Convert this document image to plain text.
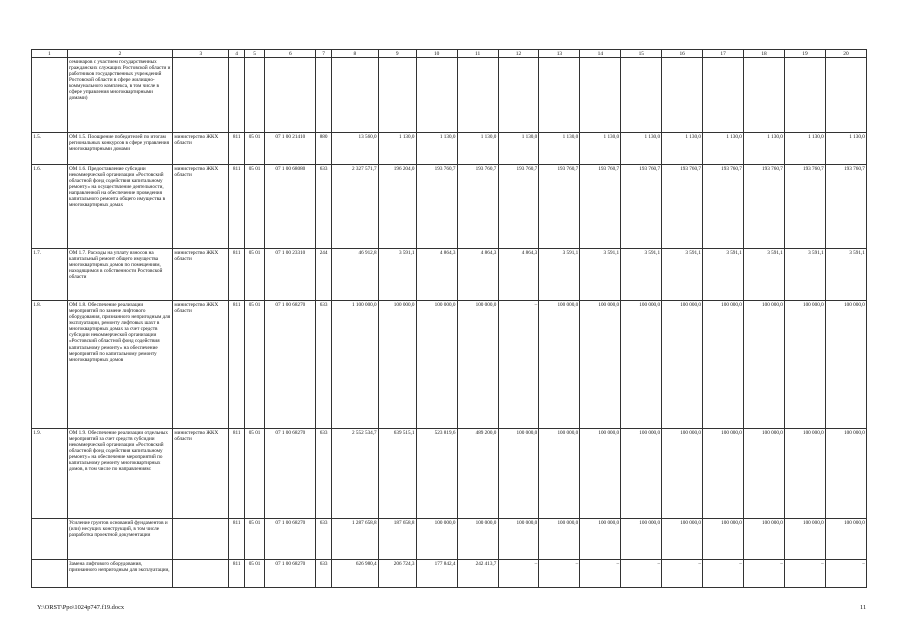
1	2	3	4	5	6	7	8	9	10	11	12	13	14	15	16	17	18	19	20
	семинаров с участием государственных гражданских служащих Ростовской области и работников государственных учреждений Ростовской области в сфере жилищно-коммунального комплекса, в том числе в сфере управления многоквартирными домами)																		
1.5.	ОМ 1.5. Поощрение победителей по итогам региональных конкурсов в сфере управления многоквартирными домами	министерство ЖКХ области	811	05 01	07 1 00 21410	880	13 560,0	1 130,0	1 130,0	1 130,0	1 130,0	1 130,0	1 130,0	1 130,0	1 130,0	1 130,0	1 130,0	1 130,0	1 130,0
1.6.	ОМ 1.6. Предоставление субсидии некоммерческой организации «Ростовский областной фонд содействия капитальному ремонту» на осуществление деятельности, направленной на обеспечение проведения капитального ремонта общего имущества в многоквартирных домах	министерство ЖКХ области	811	05 01	07 1 00 68080	633	2 327 571,7	196 204,0	193 760,7	193 760,7	193 760,7	193 760,7	193 760,7	193 760,7	193 760,7	193 760,7	193 760,7	193 760,7	193 760,7
1.7.	ОМ 1.7. Расходы на уплату взносов на капитальный ремонт общего имущества многоквартирных домов по помещениям, находящимся в собственности Ростовской области	министерство ЖКХ области	811	05 01	07 1 00 23310	244	46 912,8	3 591,1	4 864,3	4 864,3	4 864,3	3 591,1	3 591,1	3 591,1	3 591,1	3 591,1	3 591,1	3 591,1	3 591,1
1.8.	ОМ 1.8. Обеспечение реализации мероприятий по замене лифтового оборудования, признанного непригодным для эксплуатации, ремонту лифтовых шахт в многоквартирных домах за счет средств субсидии некоммерческой организации «Ростовский областной фонд содействия капитальному ремонту» на обеспечение мероприятий по капитальному ремонту многоквартирных домов	министерство ЖКХ области	811	05 01	07 1 00 68270	633	1 100 000,0	100 000,0	100 000,0	100 000,0	–	100 000,0	100 000,0	100 000,0	100 000,0	100 000,0	100 000,0	100 000,0	100 000,0
1.9.	ОМ 1.9. Обеспечение реализации отдельных мероприятий за счет средств субсидии некоммерческой организации «Ростовский областной фонд содействия капитальному ремонту» на обеспечение мероприятий по капитальному ремонту многоквартирных домов, в том числе по направлениям:	министерство ЖКХ области	811	05 01	07 1 00 68270	633	2 552 534,7	639 515,1	523 819,6	489 200,0	100 000,0	100 000,0	100 000,0	100 000,0	100 000,0	100 000,0	100 000,0	100 000,0	100 000,0
	Усиление грунтов оснований фундаментов и (или) несущих конструкций, в том числе разработка проектной документации		811	05 01	07 1 00 68270	633	1 287 658,8	187 658,8	100 000,0	100 000,0	100 000,0	100 000,0	100 000,0	100 000,0	100 000,0	100 000,0	100 000,0	100 000,0	100 000,0
	Замена лифтового оборудования, признанного непригодным для эксплуатации,		811	05 01	07 1 00 68270	633	626 980,4	206 724,3	177 842,4	242 413,7	–	–	–	–	–	–	–	–	–
Y:\ORST\Ppo\1024p747.f19.docx	11
